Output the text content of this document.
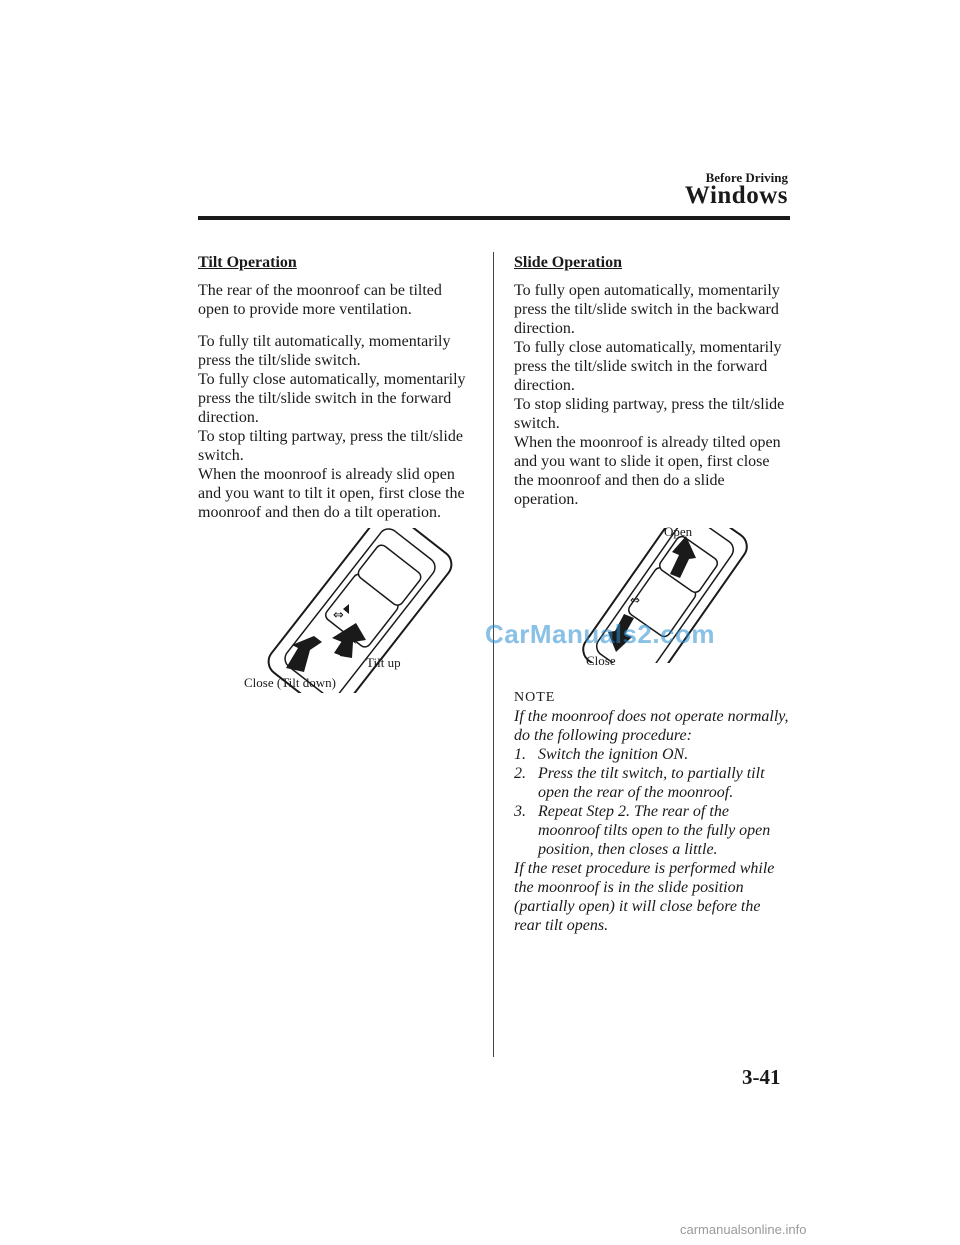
Before Driving
Windows

Tilt Operation

The rear of the moonroof can be tilted open to provide more ventilation.

To fully tilt automatically, momentarily press the tilt/slide switch.

To fully close automatically, momentarily press the tilt/slide switch in the forward direction.

To stop tilting partway, press the tilt/slide switch.

When the moonroof is already slid open and you want to tilt it open, first close the moonroof and then do a tilt operation.

⇔
Tilt up
Close (Tilt down)

Slide Operation

To fully open automatically, momentarily press the tilt/slide switch in the backward direction.

To fully close automatically, momentarily press the tilt/slide switch in the forward direction.

To stop sliding partway, press the tilt/slide switch.

When the moonroof is already tilted open and you want to slide it open, first close the moonroof and then do a slide operation.

⇔
Open
Close

NOTE

If the moonroof does not operate normally, do the following procedure:

1. Switch the ignition ON.
2. Press the tilt switch, to partially tilt open the rear of the moonroof.
3. Repeat Step 2. The rear of the moonroof tilts open to the fully open position, then closes a little.

If the reset procedure is performed while the moonroof is in the slide position (partially open) it will close before the rear tilt opens.

3-41
CarManuals2.com
carmanualsonline.info
